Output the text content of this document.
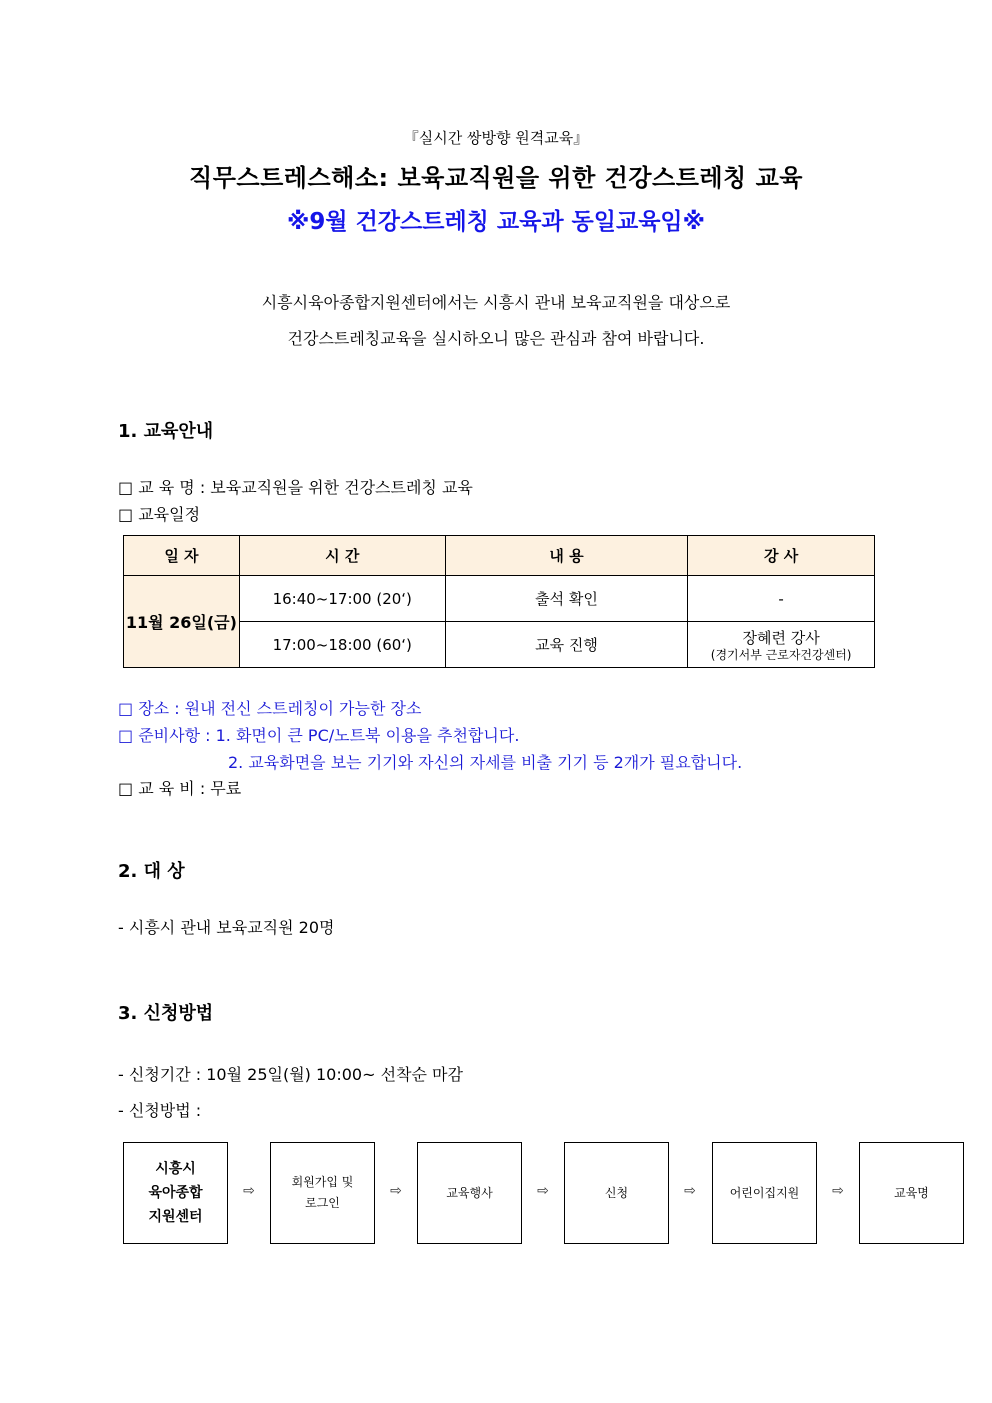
『실시간 쌍방향 원격교육』
직무스트레스해소: 보육교직원을 위한 건강스트레칭 교육
※9월 건강스트레칭 교육과 동일교육임※
시흥시육아종합지원센터에서는 시흥시 관내 보육교직원을 대상으로
건강스트레칭교육을 실시하오니 많은 관심과 참여 바랍니다.
1. 교육안내
□ 교 육 명 : 보육교직원을 위한 건강스트레칭 교육
□ 교육일정
일 자	시 간	내 용	강 사
11월 26일(금)	16:40~17:00 (20‘)	출석 확인	-
	17:00~18:00 (60‘)	교육 진행	장혜련 강사
(경기서부 근로자건강센터)
□ 장소 : 원내 전신 스트레칭이 가능한 장소
□ 준비사항 : 1. 화면이 큰 PC/노트북 이용을 추천합니다.
2. 교육화면을 보는 기기와 자신의 자세를 비출 기기 등 2개가 필요합니다.
□ 교 육 비 : 무료
2. 대 상
- 시흥시 관내 보육교직원 20명
3. 신청방법
- 신청기간 : 10월 25일(월) 10:00~ 선착순 마감
- 신청방법 :
시흥시
육아종합
지원센터
⇨
회원가입 및
로그인
⇨	교육행사	⇨	신청	⇨	어린이집지원	⇨	교육명
